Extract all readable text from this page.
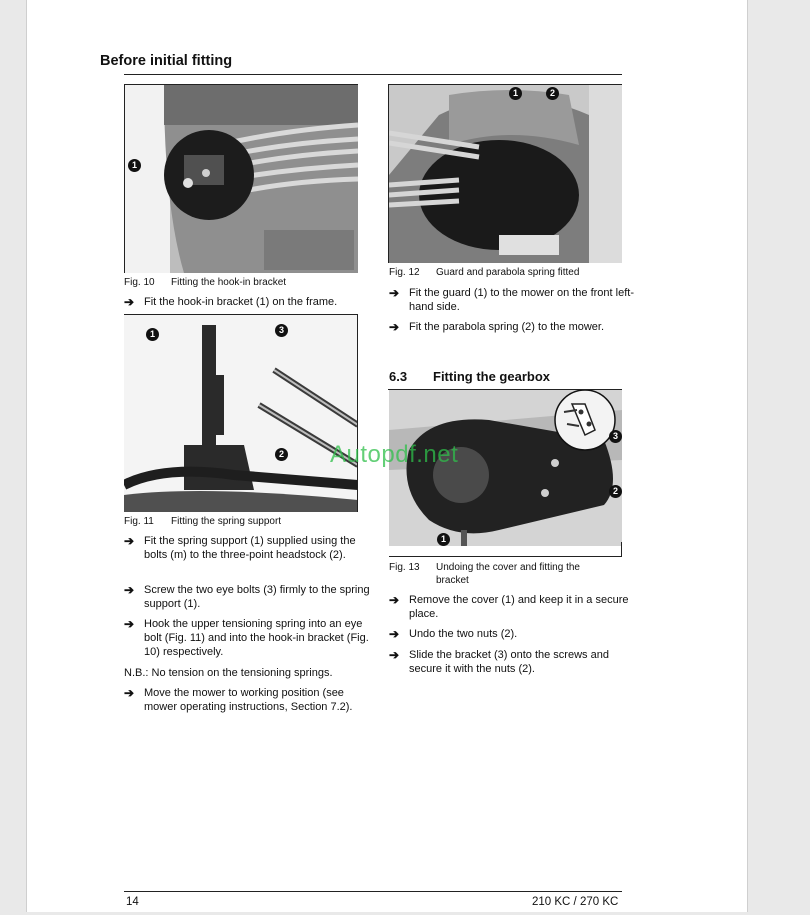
Before initial fitting
1
Fig. 10 Fitting the hook-in bracket
➔ Fit the hook-in bracket (1) on the frame.
1	3
2
Fig. 11 Fitting the spring support
➔ Fit the spring support (1) supplied using the bolts (m) to the three-point headstock (2).
➔ Screw the two eye bolts (3) firmly to the spring support (1).
➔ Hook the upper tensioning spring into an eye bolt (Fig. 11) and into the hook-in bracket (Fig. 10) respectively.
N.B.: No tension on the tensioning springs.
➔ Move the mower to working position (see mower operating instructions, Section 7.2).
1	2
Fig. 12 Guard and parabola spring fitted
➔ Fit the guard (1) to the mower on the front left-hand side.
➔ Fit the parabola spring (2) to the mower.
6.3 Fitting the gearbox
3
2
1
Fig. 13 Undoing the cover and fitting the bracket
➔ Remove the cover (1) and keep it in a secure place.
➔ Undo the two nuts (2).
➔ Slide the bracket (3) onto the screws and secure it with the nuts (2).
Autopdf.net
14	210 KC / 270 KC
